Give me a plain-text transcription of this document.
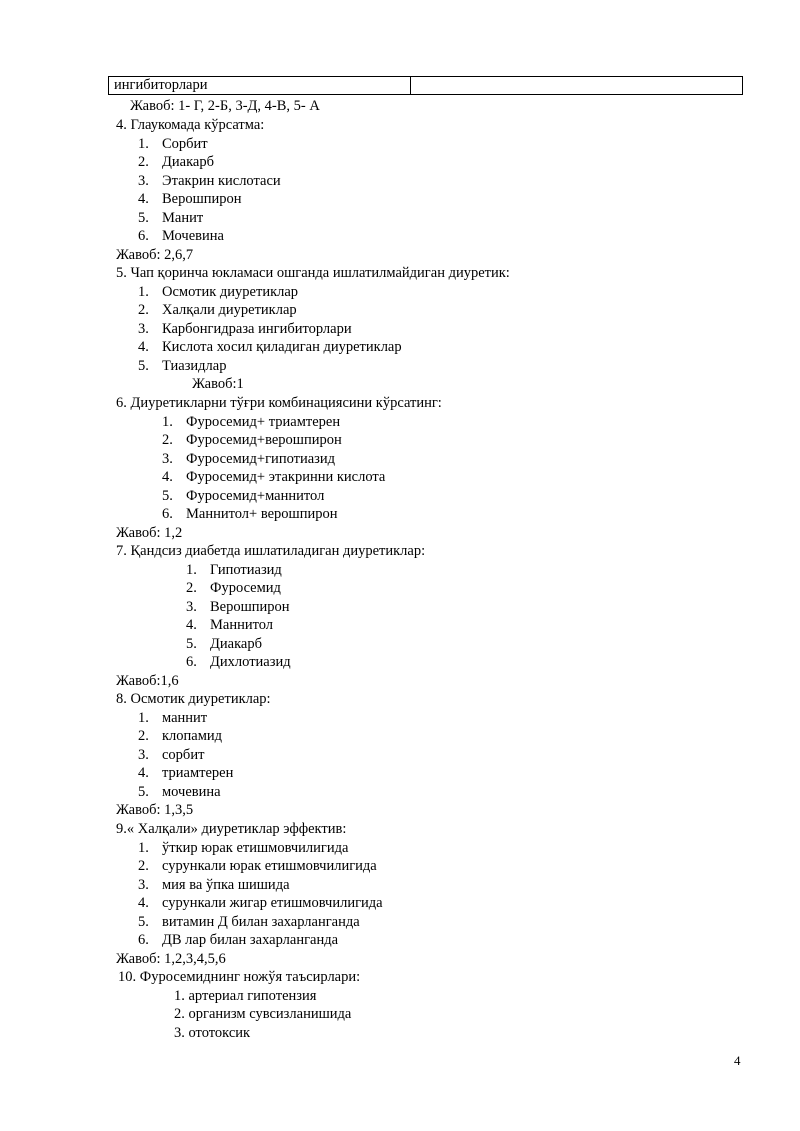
ингибиторлари
Жавоб: 1- Г, 2-Б, 3-Д, 4-В, 5- А
4. Глаукомада кўрсатма:
1. Сорбит
2. Диакарб
3. Этакрин кислотаси
4. Верошпирон
5. Манит
6. Мочевина
Жавоб: 2,6,7
5. Чап қоринча юкламаси ошганда ишлатилмайдиган диуретик:
1. Осмотик диуретиклар
2. Халқали диуретиклар
3. Карбонгидраза ингибиторлари
4. Кислота хосил қиладиган диуретиклар
5. Тиазидлар
Жавоб:1
6. Диуретикларни тўғри комбинациясини кўрсатинг:
1. Фуросемид+ триамтерен
2. Фуросемид+верошпирон
3. Фуросемид+гипотиазид
4. Фуросемид+ этакринни кислота
5. Фуросемид+маннитол
6. Маннитол+ верошпирон
Жавоб: 1,2
7. Қандсиз диабетда ишлатиладиган диуретиклар:
1. Гипотиазид
2. Фуросемид
3. Верошпирон
4. Маннитол
5. Диакарб
6. Дихлотиазид
Жавоб:1,6
8. Осмотик диуретиклар:
1. маннит
2. клопамид
3. сорбит
4. триамтерен
5. мочевина
Жавоб: 1,3,5
9.« Халқали» диуретиклар эффектив:
1. ўткир юрак етишмовчилигида
2. сурункали юрак етишмовчилигида
3. мия ва ўпка шишида
4. сурункали жигар етишмовчилигида
5. витамин Д билан захарланганда
6. ДВ лар билан захарланганда
Жавоб: 1,2,3,4,5,6
10. Фуросемиднинг ножўя таъсирлари:
1. артериал гипотензия
2. организм сувсизланишида
3. ототоксик
4
